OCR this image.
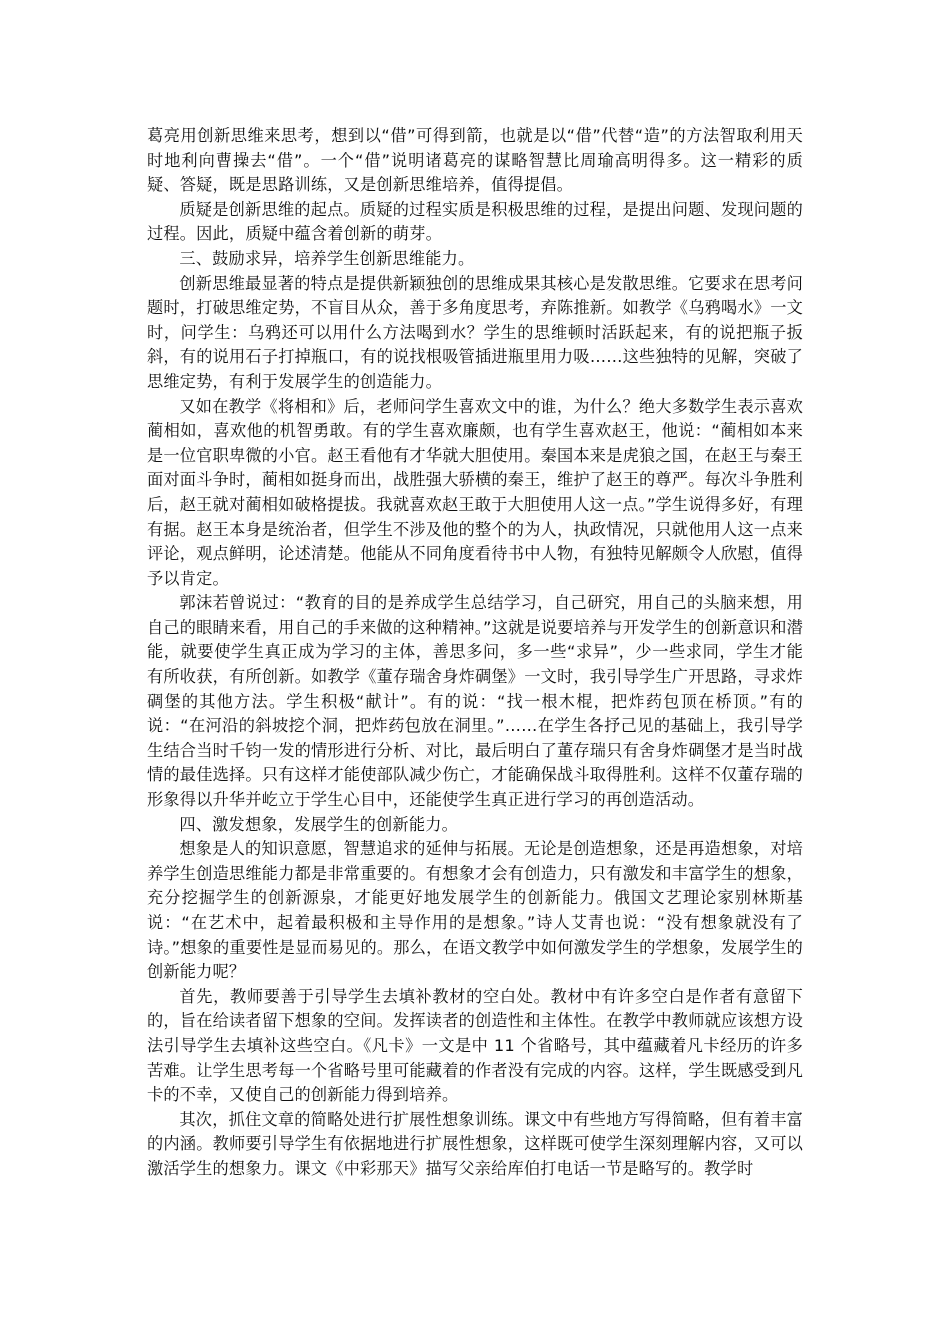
葛亮用创新思维来思考，想到以“借”可得到箭，也就是以“借”代替“造”的方法智取利用天时地利向曹操去“借”。一个“借”说明诸葛亮的谋略智慧比周瑜高明得多。这一精彩的质疑、答疑，既是思路训练，又是创新思维培养，值得提倡。

质疑是创新思维的起点。质疑的过程实质是积极思维的过程，是提出问题、发现问题的过程。因此，质疑中蕴含着创新的萌芽。

三、鼓励求异，培养学生创新思维能力。

创新思维最显著的特点是提供新颖独创的思维成果其核心是发散思维。它要求在思考问题时，打破思维定势，不盲目从众，善于多角度思考，弃陈推新。如教学《乌鸦喝水》一文时，问学生：乌鸦还可以用什么方法喝到水？学生的思维顿时活跃起来，有的说把瓶子扳斜，有的说用石子打掉瓶口，有的说找根吸管插进瓶里用力吸……这些独特的见解，突破了思维定势，有利于发展学生的创造能力。

又如在教学《将相和》后，老师问学生喜欢文中的谁，为什么？绝大多数学生表示喜欢蔺相如，喜欢他的机智勇敢。有的学生喜欢廉颇，也有学生喜欢赵王，他说：“蔺相如本来是一位官职卑微的小官。赵王看他有才华就大胆使用。秦国本来是虎狼之国，在赵王与秦王面对面斗争时，蔺相如挺身而出，战胜强大骄横的秦王，维护了赵王的尊严。每次斗争胜利后，赵王就对蔺相如破格提拔。我就喜欢赵王敢于大胆使用人这一点。”学生说得多好，有理有据。赵王本身是统治者，但学生不涉及他的整个的为人，执政情况，只就他用人这一点来评论，观点鲜明，论述清楚。他能从不同角度看待书中人物，有独特见解颇令人欣慰，值得予以肯定。

郭沫若曾说过：“教育的目的是养成学生总结学习，自己研究，用自己的头脑来想，用自己的眼睛来看，用自己的手来做的这种精神。”这就是说要培养与开发学生的创新意识和潜能，就要使学生真正成为学习的主体，善思多问，多一些“求异”，少一些求同，学生才能有所收获，有所创新。如教学《董存瑞舍身炸碉堡》一文时，我引导学生广开思路，寻求炸碉堡的其他方法。学生积极“献计”。有的说：“找一根木棍，把炸药包顶在桥顶。”有的说：“在河沿的斜坡挖个洞，把炸药包放在洞里。”……在学生各抒己见的基础上，我引导学生结合当时千钧一发的情形进行分析、对比，最后明白了董存瑞只有舍身炸碉堡才是当时战情的最佳选择。只有这样才能使部队减少伤亡，才能确保战斗取得胜利。这样不仅董存瑞的形象得以升华并屹立于学生心目中，还能使学生真正进行学习的再创造活动。

四、激发想象，发展学生的创新能力。

想象是人的知识意愿，智慧追求的延伸与拓展。无论是创造想象，还是再造想象，对培养学生创造思维能力都是非常重要的。有想象才会有创造力，只有激发和丰富学生的想象，充分挖掘学生的创新源泉，才能更好地发展学生的创新能力。俄国文艺理论家别林斯基说：“在艺术中，起着最积极和主导作用的是想象。”诗人艾青也说：“没有想象就没有了诗。”想象的重要性是显而易见的。那么，在语文教学中如何激发学生的学想象，发展学生的创新能力呢？

首先，教师要善于引导学生去填补教材的空白处。教材中有许多空白是作者有意留下的，旨在给读者留下想象的空间。发挥读者的创造性和主体性。在教学中教师就应该想方设法引导学生去填补这些空白。《凡卡》一文是中 11 个省略号，其中蕴藏着凡卡经历的许多苦难。让学生思考每一个省略号里可能藏着的作者没有完成的内容。这样，学生既感受到凡卡的不幸，又使自己的创新能力得到培养。

其次，抓住文章的简略处进行扩展性想象训练。课文中有些地方写得简略，但有着丰富的内涵。教师要引导学生有依据地进行扩展性想象，这样既可使学生深刻理解内容，又可以激活学生的想象力。课文《中彩那天》描写父亲给库伯打电话一节是略写的。教学时
